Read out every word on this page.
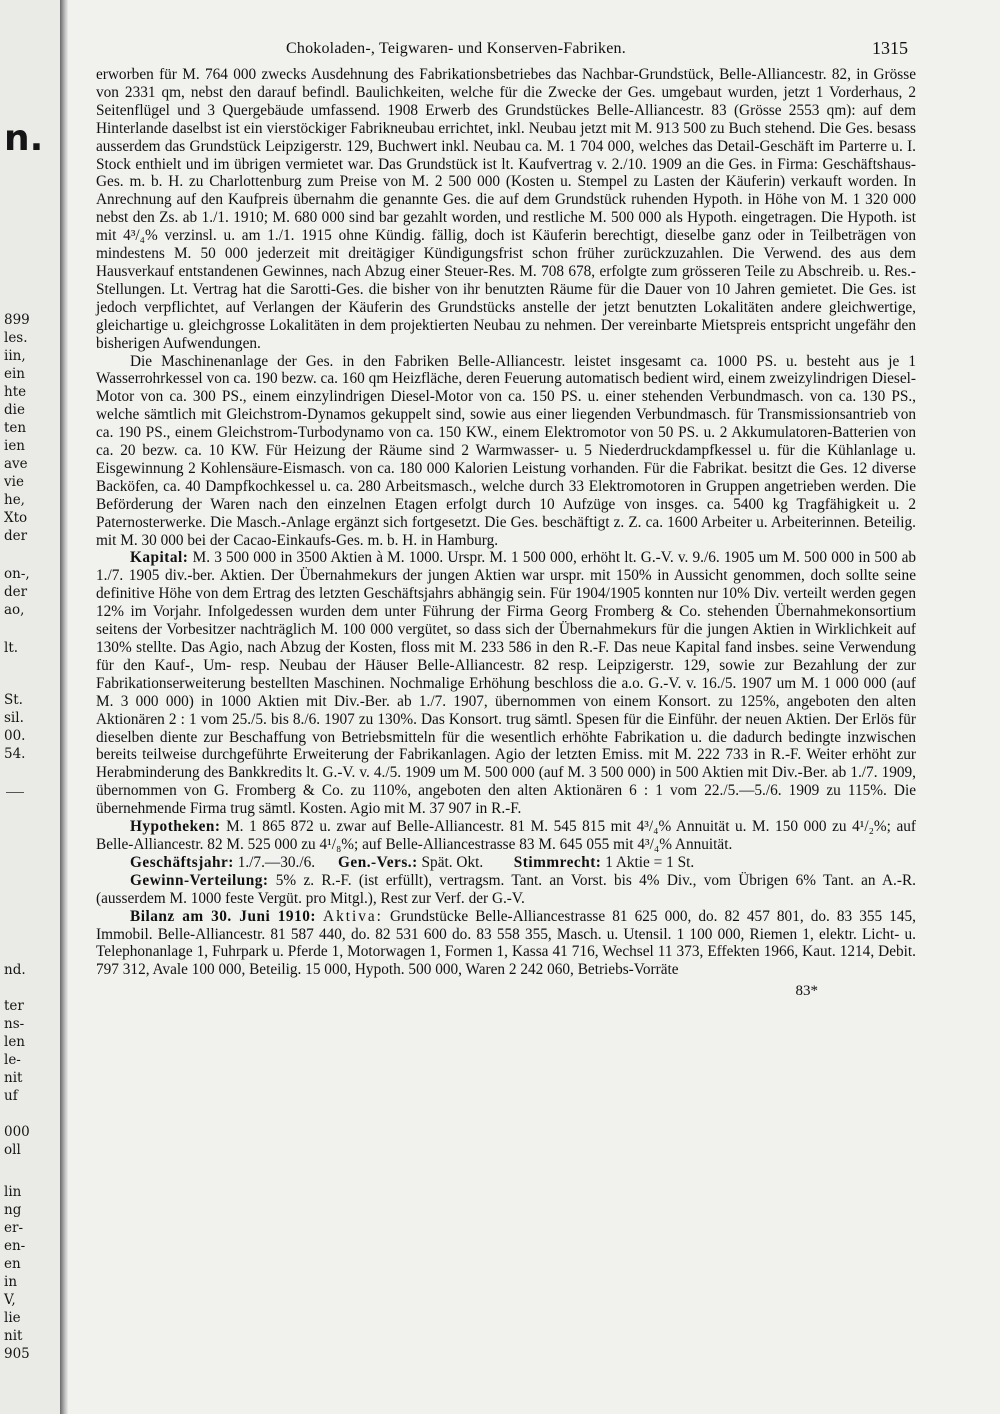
n.
899
les.
iin,
ein
hte
die
ten
ien
ave
vie
he,
Xto
der
on-,
der
ao,
lt.
St.
sil.
00.
54.
nd.
ter
ns-
len
le-
nit
uf
000
oll
lin
ng
er-
en-
en
in
V,
lie
nit
905
Chokoladen-, Teigwaren- und Konserven-Fabriken.	1315

erworben für M. 764 000 zwecks Ausdehnung des Fabrikationsbetriebes das Nachbar-Grundstück, Belle-Alliancestr. 82, in Grösse von 2331 qm, nebst den darauf befindl. Baulichkeiten, welche für die Zwecke der Ges. umgebaut wurden, jetzt 1 Vorderhaus, 2 Seitenflügel und 3 Quergebäude umfassend. 1908 Erwerb des Grundstückes Belle-Alliancestr. 83 (Grösse 2553 qm): auf dem Hinterlande daselbst ist ein vierstöckiger Fabrikneubau errichtet, inkl. Neubau jetzt mit M. 913 500 zu Buch stehend. Die Ges. besass ausserdem das Grundstück Leipzigerstr. 129, Buchwert inkl. Neubau ca. M. 1 704 000, welches das Detail-Geschäft im Parterre u. I. Stock enthielt und im übrigen vermietet war. Das Grundstück ist lt. Kaufvertrag v. 2./10. 1909 an die Ges. in Firma: Geschäftshaus-Ges. m. b. H. zu Charlottenburg zum Preise von M. 2 500 000 (Kosten u. Stempel zu Lasten der Käuferin) verkauft worden. In Anrechnung auf den Kaufpreis übernahm die genannte Ges. die auf dem Grundstück ruhenden Hypoth. in Höhe von M. 1 320 000 nebst den Zs. ab 1./1. 1910; M. 680 000 sind bar gezahlt worden, und restliche M. 500 000 als Hypoth. eingetragen. Die Hypoth. ist mit 4³/₄% verzinsl. u. am 1./1. 1915 ohne Kündig. fällig, doch ist Käuferin berechtigt, dieselbe ganz oder in Teilbeträgen von mindestens M. 50 000 jederzeit mit dreitägiger Kündigungsfrist schon früher zurückzuzahlen. Die Verwend. des aus dem Hausverkauf entstandenen Gewinnes, nach Abzug einer Steuer-Res. M. 708 678, erfolgte zum grösseren Teile zu Abschreib. u. Res.-Stellungen. Lt. Vertrag hat die Sarotti-Ges. die bisher von ihr benutzten Räume für die Dauer von 10 Jahren gemietet. Die Ges. ist jedoch verpflichtet, auf Verlangen der Käuferin des Grundstücks anstelle der jetzt benutzten Lokalitäten andere gleichwertige, gleichartige u. gleichgrosse Lokalitäten in dem projektierten Neubau zu nehmen. Der vereinbarte Mietspreis entspricht ungefähr den bisherigen Aufwendungen.

Die Maschinenanlage der Ges. in den Fabriken Belle-Alliancestr. leistet insgesamt ca. 1000 PS. u. besteht aus je 1 Wasserrohrkessel von ca. 190 bezw. ca. 160 qm Heizfläche, deren Feuerung automatisch bedient wird, einem zweizylindrigen Diesel-Motor von ca. 300 PS., einem einzylindrigen Diesel-Motor von ca. 150 PS. u. einer stehenden Verbundmasch. von ca. 130 PS., welche sämtlich mit Gleichstrom-Dynamos gekuppelt sind, sowie aus einer liegenden Verbundmasch. für Transmissionsantrieb von ca. 190 PS., einem Gleichstrom-Turbodynamo von ca. 150 KW., einem Elektromotor von 50 PS. u. 2 Akkumulatoren-Batterien von ca. 20 bezw. ca. 10 KW. Für Heizung der Räume sind 2 Warmwasser- u. 5 Niederdruckdampfkessel u. für die Kühlanlage u. Eisgewinnung 2 Kohlensäure-Eismasch. von ca. 180 000 Kalorien Leistung vorhanden. Für die Fabrikat. besitzt die Ges. 12 diverse Backöfen, ca. 40 Dampfkochkessel u. ca. 280 Arbeitsmasch., welche durch 33 Elektromotoren in Gruppen angetrieben werden. Die Beförderung der Waren nach den einzelnen Etagen erfolgt durch 10 Aufzüge von insges. ca. 5400 kg Tragfähigkeit u. 2 Paternosterwerke. Die Masch.-Anlage ergänzt sich fortgesetzt. Die Ges. beschäftigt z. Z. ca. 1600 Arbeiter u. Arbeiterinnen. Beteilig. mit M. 30 000 bei der Cacao-Einkaufs-Ges. m. b. H. in Hamburg.

Kapital: M. 3 500 000 in 3500 Aktien à M. 1000. Urspr. M. 1 500 000, erhöht lt. G.-V. v. 9./6. 1905 um M. 500 000 in 500 ab 1./7. 1905 div.-ber. Aktien. Der Übernahmekurs der jungen Aktien war urspr. mit 150% in Aussicht genommen, doch sollte seine definitive Höhe von dem Ertrag des letzten Geschäftsjahrs abhängig sein. Für 1904/1905 konnten nur 10% Div. verteilt werden gegen 12% im Vorjahr. Infolgedessen wurden dem unter Führung der Firma Georg Fromberg & Co. stehenden Übernahmekonsortium seitens der Vorbesitzer nachträglich M. 100 000 vergütet, so dass sich der Übernahmekurs für die jungen Aktien in Wirklichkeit auf 130% stellte. Das Agio, nach Abzug der Kosten, floss mit M. 233 586 in den R.-F. Das neue Kapital fand insbes. seine Verwendung für den Kauf-, Um- resp. Neubau der Häuser Belle-Alliancestr. 82 resp. Leipzigerstr. 129, sowie zur Bezahlung der zur Fabrikationserweiterung bestellten Maschinen. Nochmalige Erhöhung beschloss die a.o. G.-V. v. 16./5. 1907 um M. 1 000 000 (auf M. 3 000 000) in 1000 Aktien mit Div.-Ber. ab 1./7. 1907, übernommen von einem Konsort. zu 125%, angeboten den alten Aktionären 2 : 1 vom 25./5. bis 8./6. 1907 zu 130%. Das Konsort. trug sämtl. Spesen für die Einführ. der neuen Aktien. Der Erlös für dieselben diente zur Beschaffung von Betriebsmitteln für die wesentlich erhöhte Fabrikation u. die dadurch bedingte inzwischen bereits teilweise durchgeführte Erweiterung der Fabrikanlagen. Agio der letzten Emiss. mit M. 222 733 in R.-F. Weiter erhöht zur Herabminderung des Bankkredits lt. G.-V. v. 4./5. 1909 um M. 500 000 (auf M. 3 500 000) in 500 Aktien mit Div.-Ber. ab 1./7. 1909, übernommen von G. Fromberg & Co. zu 110%, angeboten den alten Aktionären 6 : 1 vom 22./5.—5./6. 1909 zu 115%. Die übernehmende Firma trug sämtl. Kosten. Agio mit M. 37 907 in R.-F.

Hypotheken: M. 1 865 872 u. zwar auf Belle-Alliancestr. 81 M. 545 815 mit 4³/₄% Annuität u. M. 150 000 zu 4¹/₂%; auf Belle-Alliancestr. 82 M. 525 000 zu 4¹/₈%; auf Belle-Alliancestrasse 83 M. 645 055 mit 4³/₄% Annuität.

Geschäftsjahr: 1./7.—30./6. Gen.-Vers.: Spät. Okt. Stimmrecht: 1 Aktie = 1 St.

Gewinn-Verteilung: 5% z. R.-F. (ist erfüllt), vertragsm. Tant. an Vorst. bis 4% Div., vom Übrigen 6% Tant. an A.-R. (ausserdem M. 1000 feste Vergüt. pro Mitgl.), Rest zur Verf. der G.-V.

Bilanz am 30. Juni 1910: Aktiva: Grundstücke Belle-Alliancestrasse 81 625 000, do. 82 457 801, do. 83 355 145, Immobil. Belle-Alliancestr. 81 587 440, do. 82 531 600 do. 83 558 355, Masch. u. Utensil. 1 100 000, Riemen 1, elektr. Licht- u. Telephonanlage 1, Fuhrpark u. Pferde 1, Motorwagen 1, Formen 1, Kassa 41 716, Wechsel 11 373, Effekten 1966, Kaut. 1214, Debit. 797 312, Avale 100 000, Beteilig. 15 000, Hypoth. 500 000, Waren 2 242 060, Betriebs-Vorräte

83*
